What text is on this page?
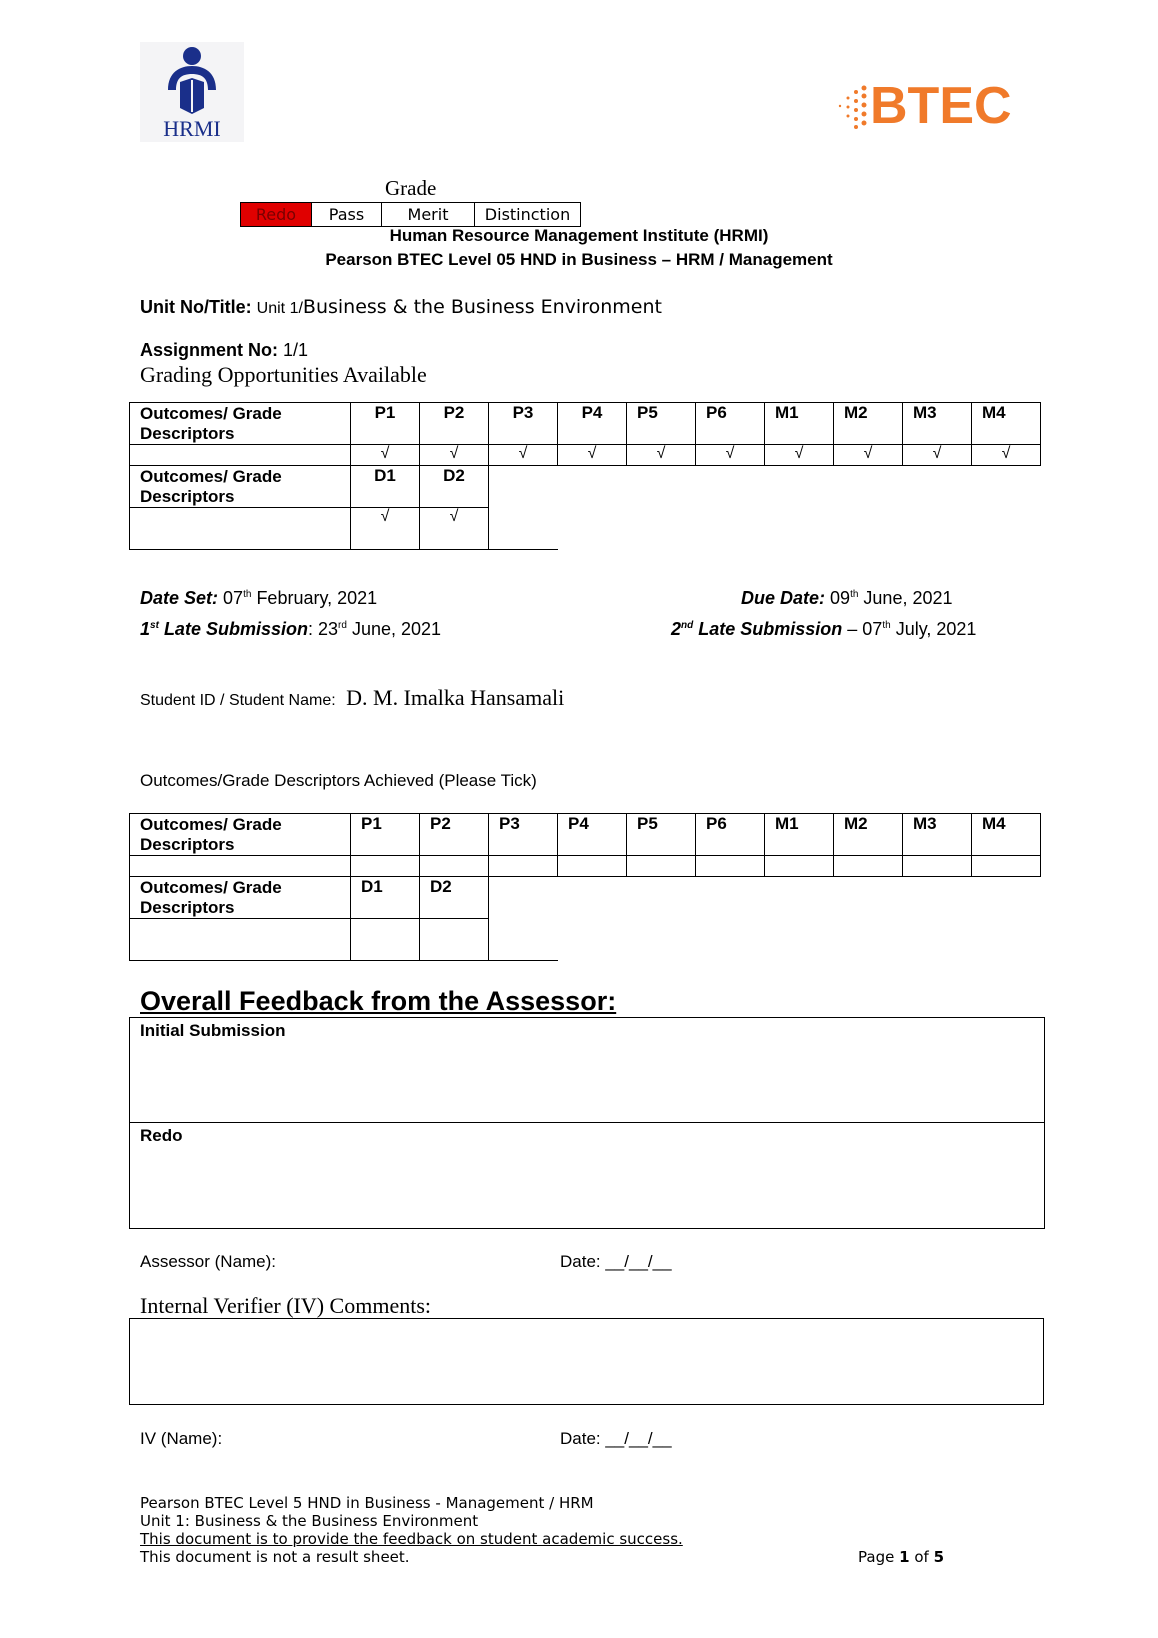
HRMI	BTEC
Grade
Redo	Pass	Merit	Distinction
Human Resource Management Institute (HRMI)
Pearson BTEC Level 05 HND in Business – HRM / Management
Unit No/Title: Unit 1/Business & the Business Environment
Assignment No: 1/1
Grading Opportunities Available
Outcomes/ Grade Descriptors	P1	P2	P3	P4	P5	P6	M1	M2	M3	M4
	√	√	√	√	√	√	√	√	√	√
Outcomes/ Grade Descriptors	D1	D2								
	√	√								
Date Set: 07th February, 2021	Due Date: 09th June, 2021
1st Late Submission: 23rd June, 2021	2nd Late Submission – 07th July, 2021
Student ID / Student Name: D. M. Imalka Hansamali
Outcomes/Grade Descriptors Achieved (Please Tick)
Outcomes/ Grade Descriptors	P1	P2	P3	P4	P5	P6	M1	M2	M3	M4

Outcomes/ Grade Descriptors	D1	D2								

Overall Feedback from the Assessor:
Initial Submission
Redo
Assessor (Name):	Date: __/__/__
Internal Verifier (IV) Comments:
IV (Name):	Date: __/__/__
Pearson BTEC Level 5 HND in Business - Management / HRM
Unit 1: Business & the Business Environment
This document is to provide the feedback on student academic success.
This document is not a result sheet.	Page 1 of 5
